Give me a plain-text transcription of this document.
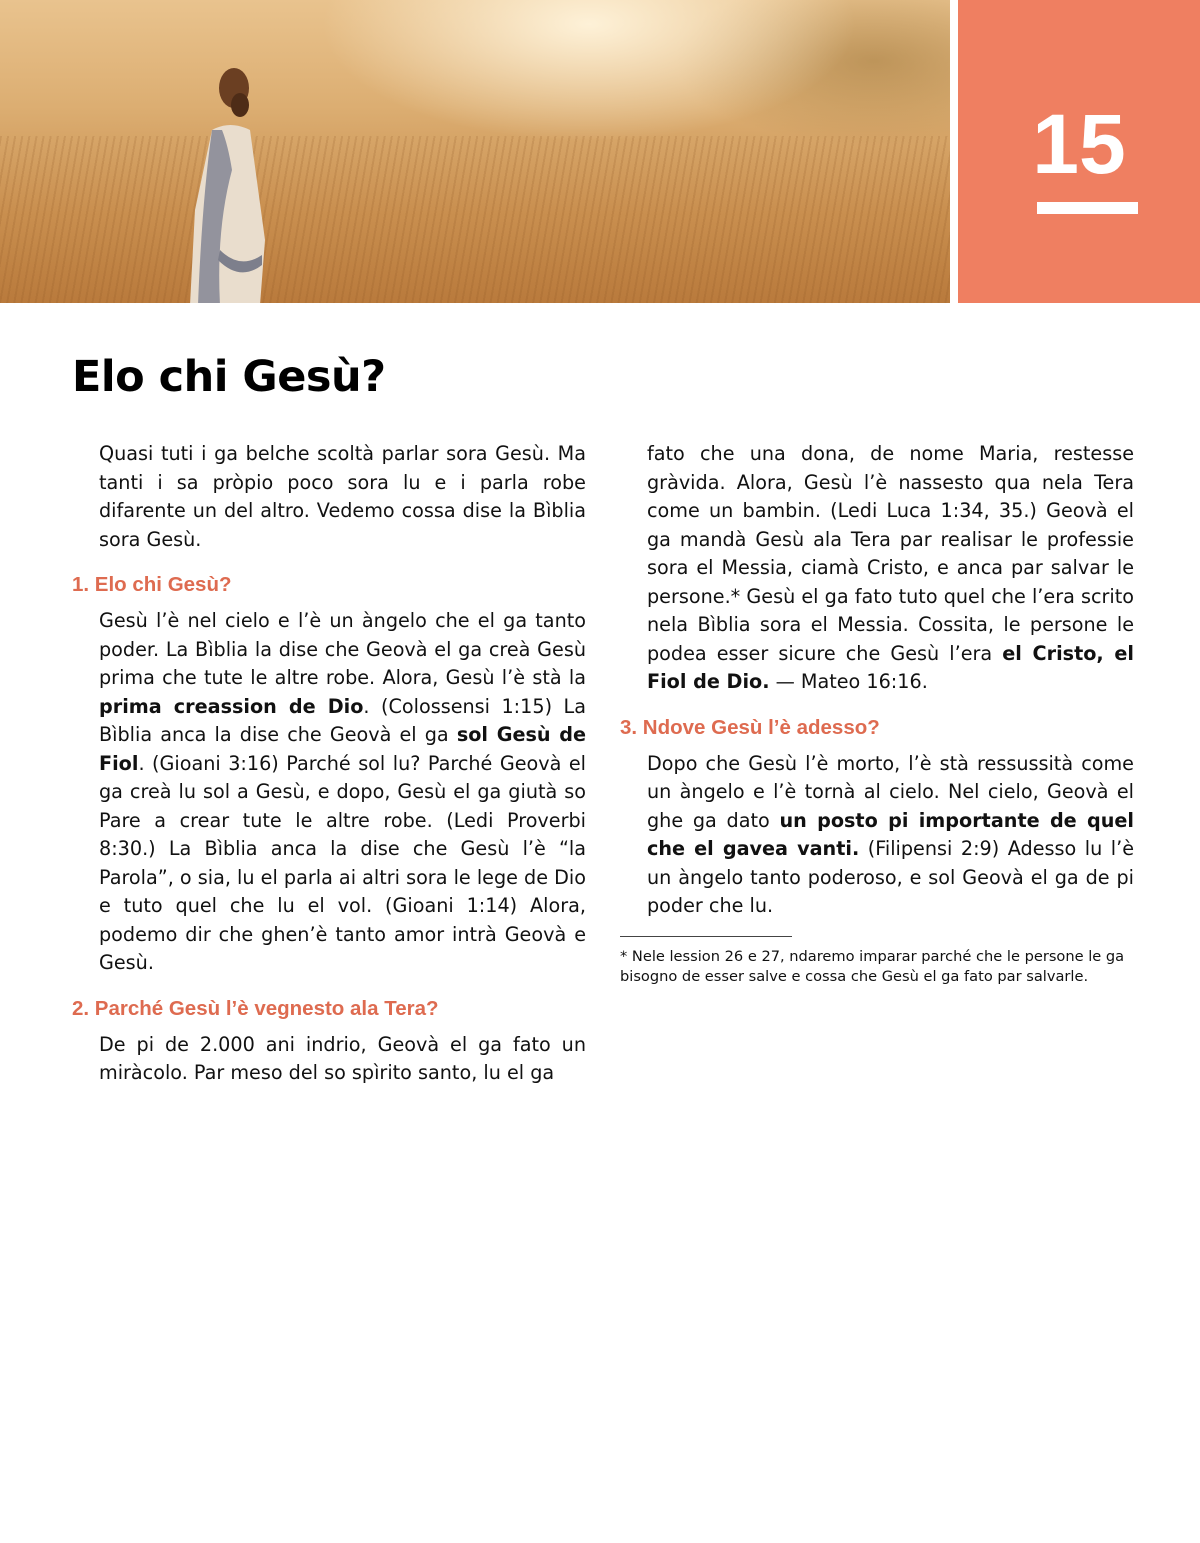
15
Elo chi Gesù?

Quasi tuti i ga belche scoltà parlar sora Gesù. Ma tanti i sa pròpio poco sora lu e i parla robe difarente un del altro. Vedemo cossa dise la Bìblia sora Gesù.

1. Elo chi Gesù?

Gesù l’è nel cielo e l’è un àngelo che el ga tanto poder. La Bìblia la dise che Geovà el ga creà Gesù prima che tute le altre robe. Alora, Gesù l’è stà la prima creassion de Dio. (Colossensi 1:15) La Bìblia anca la dise che Geovà el ga sol Gesù de Fiol. (Gioani 3:16) Parché sol lu? Parché Geovà el ga creà lu sol a Gesù, e dopo, Gesù el ga giutà so Pare a crear tute le altre robe. (Ledi Proverbi 8:30.) La Bìblia anca la dise che Gesù l’è “la Parola”, o sia, lu el parla ai altri sora le lege de Dio e tuto quel che lu el vol. (Gioani 1:14) Alora, podemo dir che ghen’è tanto amor intrà Geovà e Gesù.

2. Parché Gesù l’è vegnesto ala Tera?

De pi de 2.000 ani indrio, Geovà el ga fato un miràcolo. Par meso del so spìrito santo, lu el ga

fato che una dona, de nome Maria, restesse gràvida. Alora, Gesù l’è nassesto qua nela Tera come un bambin. (Ledi Luca 1:34, 35.) Geovà el ga mandà Gesù ala Tera par realisar le professie sora el Messia, ciamà Cristo, e anca par salvar le persone.* Gesù el ga fato tuto quel che l’era scrito nela Bìblia sora el Messia. Cossita, le persone le podea esser sicure che Gesù l’era el Cristo, el Fiol de Dio. — Mateo 16:16.

3. Ndove Gesù l’è adesso?

Dopo che Gesù l’è morto, l’è stà ressussità come un àngelo e l’è tornà al cielo. Nel cielo, Geovà el ghe ga dato un posto pi importante de quel che el gavea vanti. (Filipensi 2:9) Adesso lu l’è un àngelo tanto poderoso, e sol Geovà el ga de pi poder che lu.

* Nele lession 26 e 27, ndaremo imparar parché che le persone le ga bisogno de esser salve e cossa che Gesù el ga fato par salvarle.
